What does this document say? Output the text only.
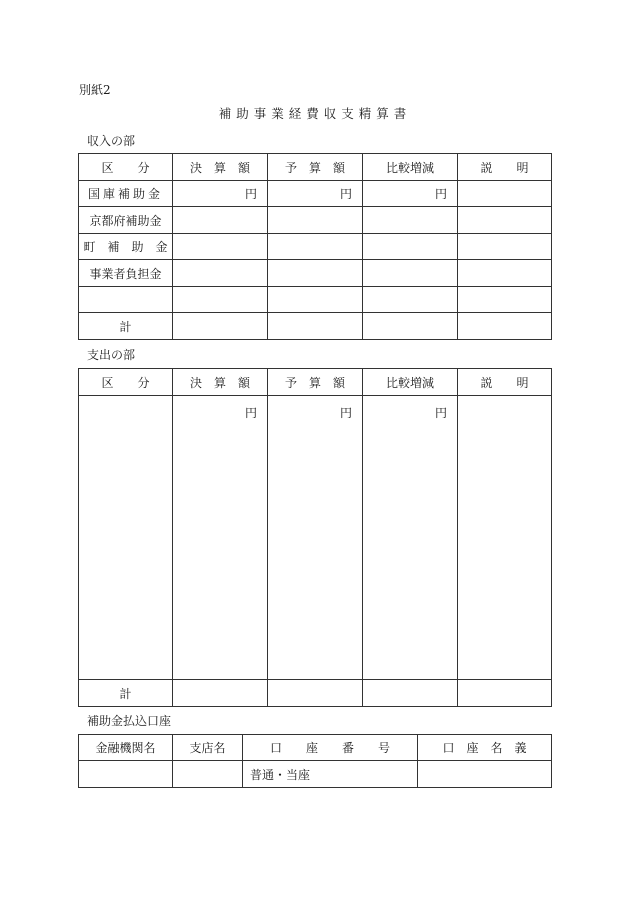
別紙2
補助事業経費収支精算書
収入の部
区　　分	決　算　額	予　算　額	比較増減	説　　明
国庫補助金	円	円	円	
京都府補助金				
町　補　助　金				
事業者負担金				

計				
支出の部
区　　分	決　算　額	予　算　額	比較増減	説　　明
	円	円	円	
計				
補助金払込口座
金融機関名	支店名	口　　座　　番　　号	口　座　名　義
		普通・当座	
